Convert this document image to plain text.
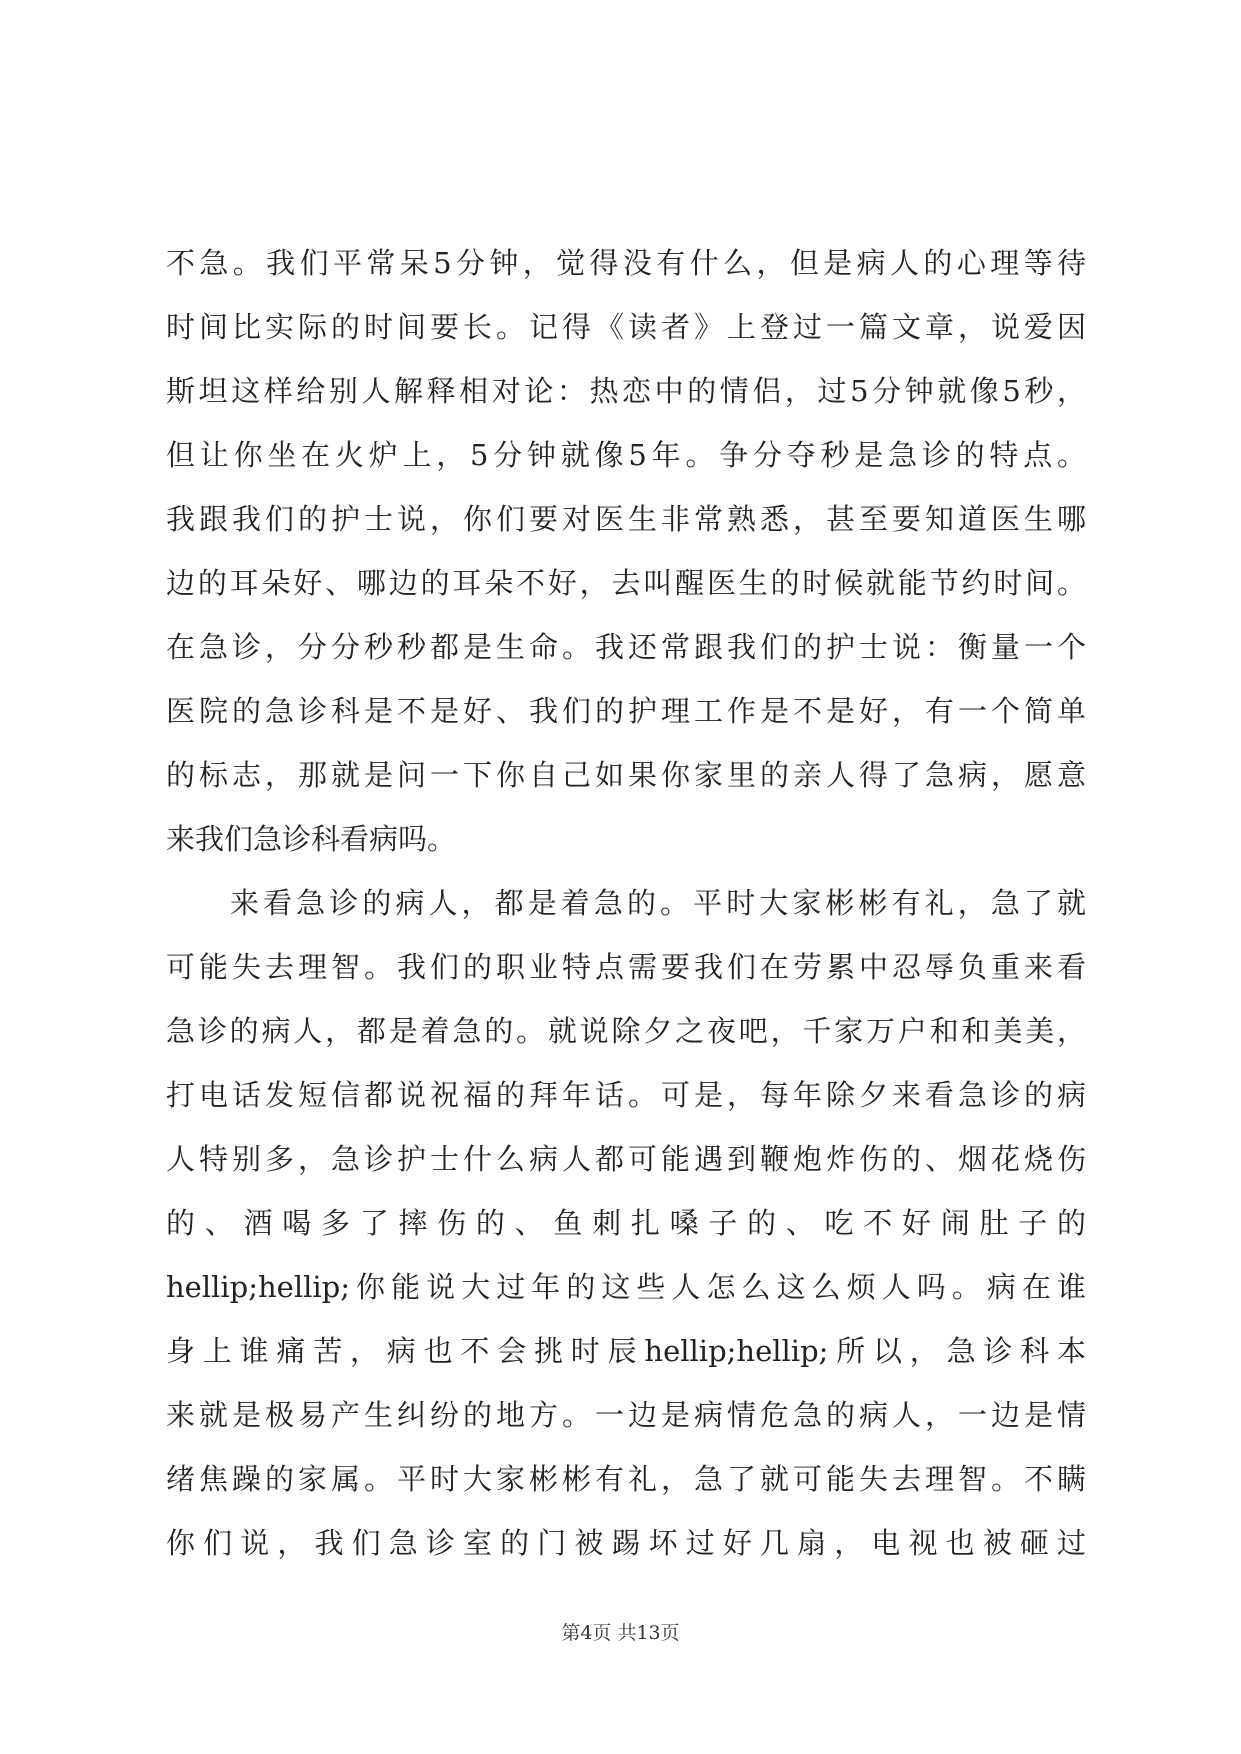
不急。我们平常呆5分钟，觉得没有什么，但是病人的心理等待
时间比实际的时间要长。记得《读者》上登过一篇文章，说爱因
斯坦这样给别人解释相对论：热恋中的情侣，过5分钟就像5秒，
但让你坐在火炉上，5分钟就像5年。争分夺秒是急诊的特点。
我跟我们的护士说，你们要对医生非常熟悉，甚至要知道医生哪
边的耳朵好、哪边的耳朵不好，去叫醒医生的时候就能节约时间。
在急诊，分分秒秒都是生命。我还常跟我们的护士说：衡量一个
医院的急诊科是不是好、我们的护理工作是不是好，有一个简单
的标志，那就是问一下你自己如果你家里的亲人得了急病，愿意
来我们急诊科看病吗。
来看急诊的病人，都是着急的。平时大家彬彬有礼，急了就
可能失去理智。我们的职业特点需要我们在劳累中忍辱负重来看
急诊的病人，都是着急的。就说除夕之夜吧，千家万户和和美美，
打电话发短信都说祝福的拜年话。可是，每年除夕来看急诊的病
人特别多，急诊护士什么病人都可能遇到鞭炮炸伤的、烟花烧伤
的、酒喝多了摔伤的、鱼刺扎嗓子的、吃不好闹肚子的
hellip;hellip;你能说大过年的这些人怎么这么烦人吗。病在谁
身上谁痛苦，病也不会挑时辰hellip;hellip;所以，急诊科本
来就是极易产生纠纷的地方。一边是病情危急的病人，一边是情
绪焦躁的家属。平时大家彬彬有礼，急了就可能失去理智。不瞒
你们说，我们急诊室的门被踢坏过好几扇，电视也被砸过
第4页 共13页
